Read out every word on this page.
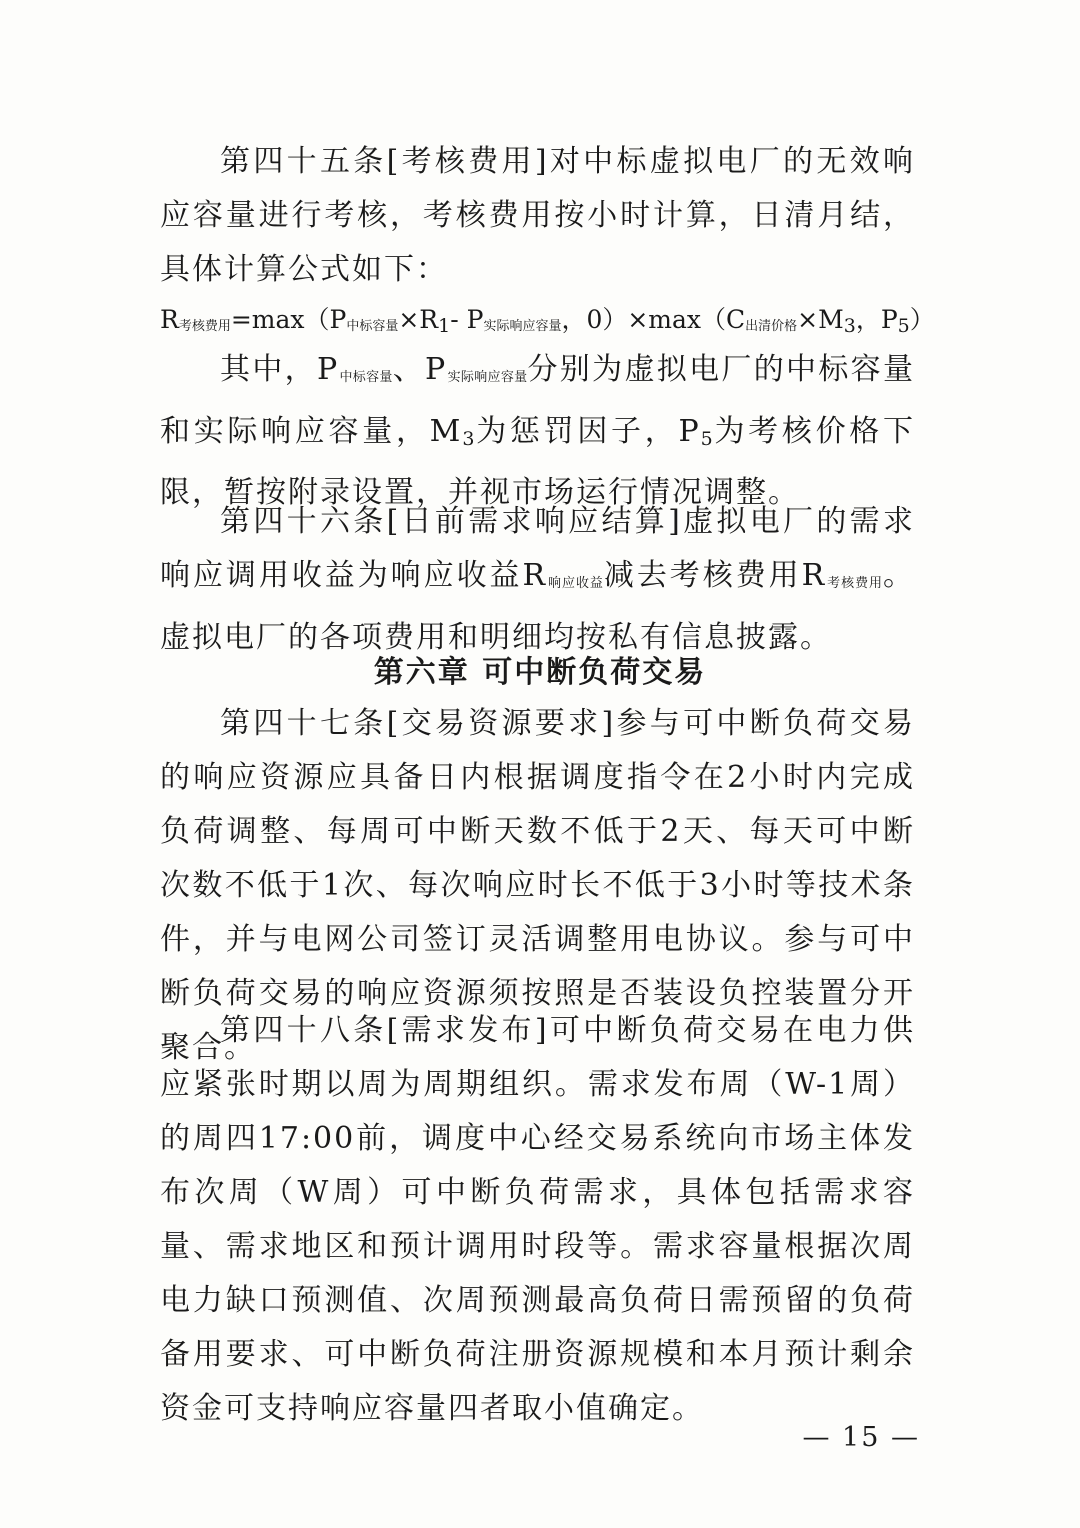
第四十五条[考核费用]对中标虚拟电厂的无效响应容量进行考核，考核费用按小时计算，日清月结，具体计算公式如下：

$R_{考核费用}=\max(P_{中标容量}\times R_1-$ $P_{实际响应容量}$，$0)\times\max(C_{出清价格}\times M_3$，$P_5$）

其中，$P_{中标容量}$、$P_{实际响应容量}$分别为虚拟电厂的中标容量和实际响应容量，$M_3$为惩罚因子，$P_5$为考核价格下限，暂按附录设置，并视市场运行情况调整。

第四十六条[日前需求响应结算]虚拟电厂的需求响应调用收益为响应收益$R_{响应收益}$减去考核费用$R_{考核费用}$。虚拟电厂的各项费用和明细均按私有信息披露。

第六章 可中断负荷交易

第四十七条[交易资源要求]参与可中断负荷交易的响应资源应具备日内根据调度指令在2小时内完成负荷调整、每周可中断天数不低于2天、每天可中断次数不低于1次、每次响应时长不低于3小时等技术条件，并与电网公司签订灵活调整用电协议。参与可中断负荷交易的响应资源须按照是否装设负控装置分开聚合。

第四十八条[需求发布]可中断负荷交易在电力供应紧张时期以周为周期组织。需求发布周（W-1周）的周四17:00前，调度中心经交易系统向市场主体发布次周（W周）可中断负荷需求，具体包括需求容量、需求地区和预计调用时段等。需求容量根据次周电力缺口预测值、次周预测最高负荷日需预留的负荷备用要求、可中断负荷注册资源规模和本月预计剩余资金可支持响应容量四者取小值确定。

— 15 —
